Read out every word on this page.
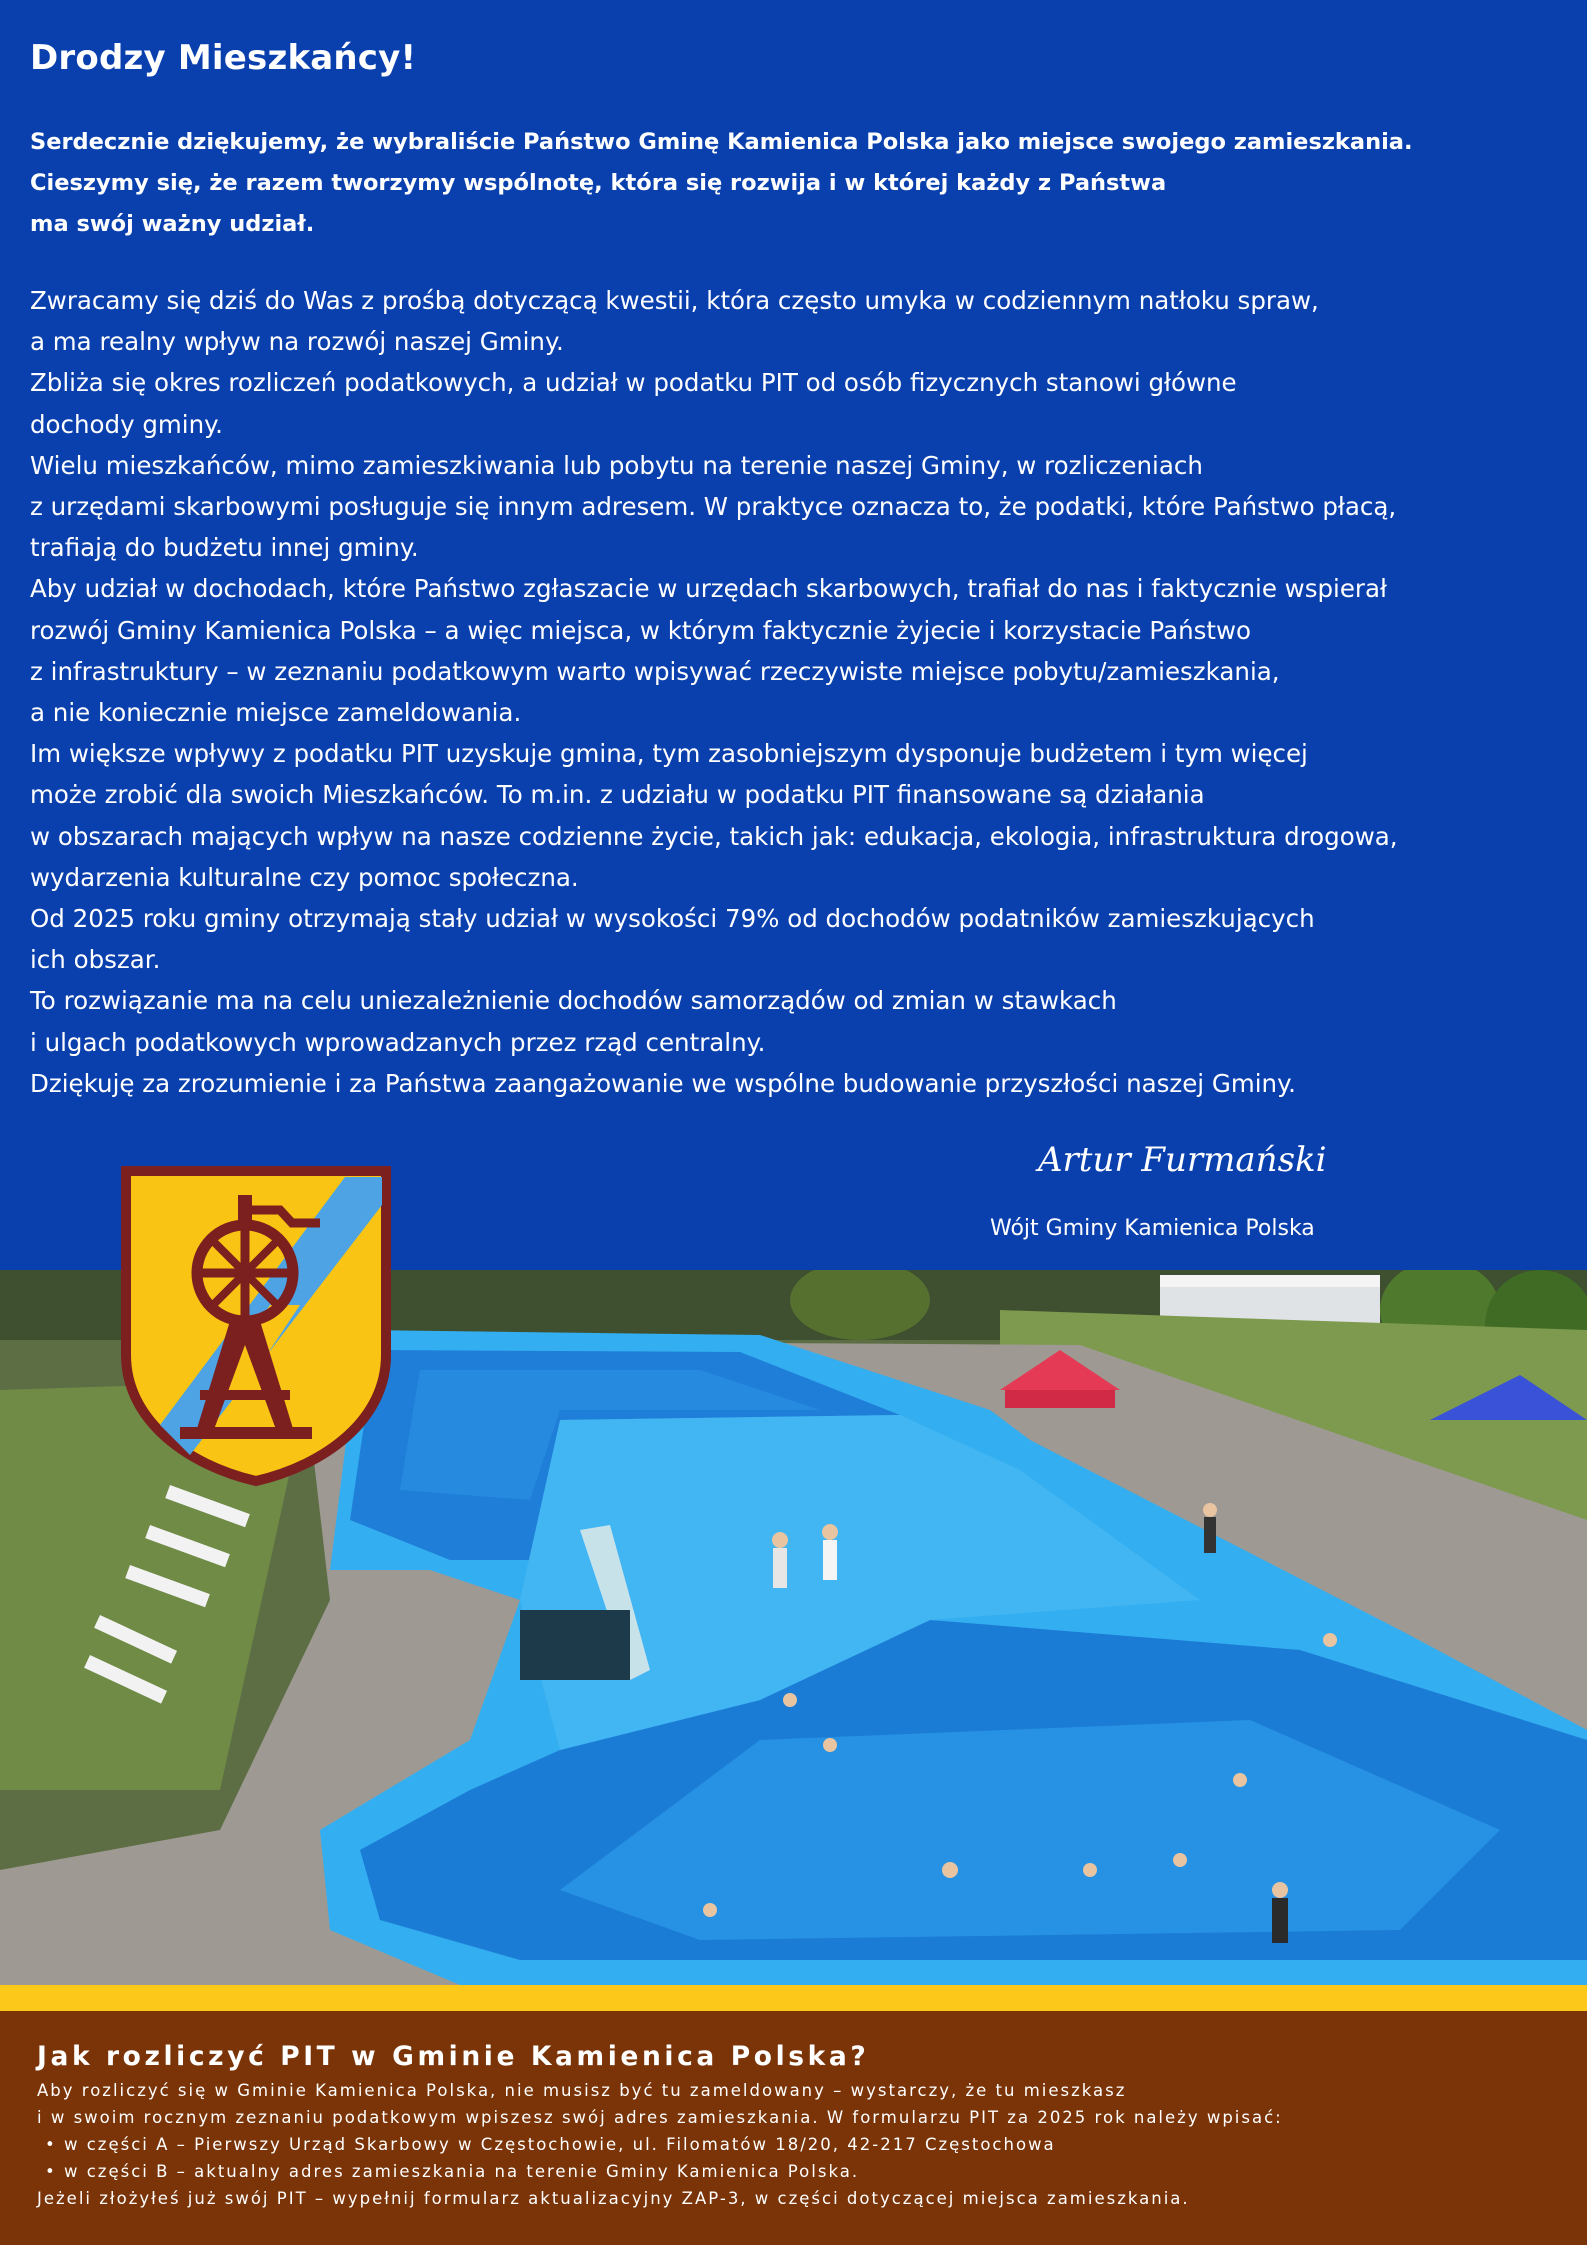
Drodzy Mieszkańcy!
Serdecznie dziękujemy, że wybraliście Państwo Gminę Kamienica Polska jako miejsce swojego zamieszkania.
Cieszymy się, że razem tworzymy wspólnotę, która się rozwija i w której każdy z Państwa
ma swój ważny udział.
Zwracamy się dziś do Was z prośbą dotyczącą kwestii, która często umyka w codziennym natłoku spraw,
a ma realny wpływ na rozwój naszej Gminy.
Zbliża się okres rozliczeń podatkowych, a udział w podatku PIT od osób fizycznych stanowi główne
dochody gminy.
Wielu mieszkańców, mimo zamieszkiwania lub pobytu na terenie naszej Gminy, w rozliczeniach
z urzędami skarbowymi posługuje się innym adresem. W praktyce oznacza to, że podatki, które Państwo płacą,
trafiają do budżetu innej gminy.
Aby udział w dochodach, które Państwo zgłaszacie w urzędach skarbowych, trafiał do nas i faktycznie wspierał
rozwój Gminy Kamienica Polska – a więc miejsca, w którym faktycznie żyjecie i korzystacie Państwo
z infrastruktury – w zeznaniu podatkowym warto wpisywać rzeczywiste miejsce pobytu/zamieszkania,
a nie koniecznie miejsce zameldowania.
Im większe wpływy z podatku PIT uzyskuje gmina, tym zasobniejszym dysponuje budżetem i tym więcej
może zrobić dla swoich Mieszkańców. To m.in. z udziału w podatku PIT finansowane są działania
w obszarach mających wpływ na nasze codzienne życie, takich jak: edukacja, ekologia, infrastruktura drogowa,
wydarzenia kulturalne czy pomoc społeczna.
Od 2025 roku gminy otrzymają stały udział w wysokości 79% od dochodów podatników zamieszkujących
ich obszar.
To rozwiązanie ma na celu uniezależnienie dochodów samorządów od zmian w stawkach
i ulgach podatkowych wprowadzanych przez rząd centralny.
Dziękuję za zrozumienie i za Państwa zaangażowanie we wspólne budowanie przyszłości naszej Gminy.
Artur Furmański
Wójt Gminy Kamienica Polska
Jak rozliczyć PIT w Gminie Kamienica Polska?
Aby rozliczyć się w Gminie Kamienica Polska, nie musisz być tu zameldowany – wystarczy, że tu mieszkasz
i w swoim rocznym zeznaniu podatkowym wpiszesz swój adres zamieszkania. W formularzu PIT za 2025 rok należy wpisać:
• w części A – Pierwszy Urząd Skarbowy w Częstochowie, ul. Filomatów 18/20, 42-217 Częstochowa
• w części B – aktualny adres zamieszkania na terenie Gminy Kamienica Polska.
Jeżeli złożyłeś już swój PIT – wypełnij formularz aktualizacyjny ZAP-3, w części dotyczącej miejsca zamieszkania.
